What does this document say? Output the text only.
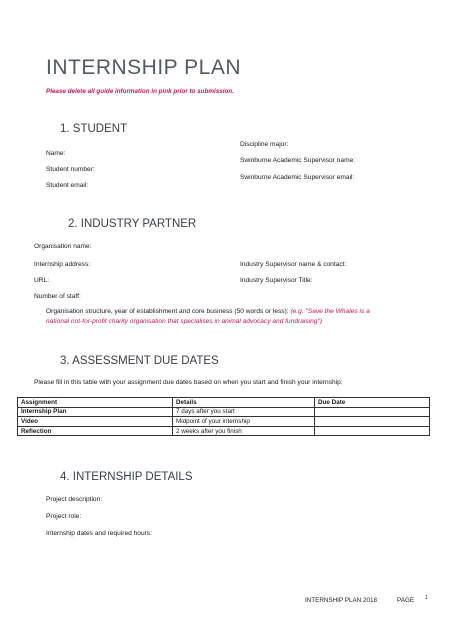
INTERNSHIP PLAN
Please delete all guide information in pink prior to submission.
1. STUDENT
Name:
Student number:
Student email:
Discipline major:
Swinburne Academic Supervisor name:
Swinburne Academic Supervisor email:
2. INDUSTRY PARTNER
Organisation name:
Internship address:
URL:
Number of staff:
Industry Supervisor name & contact:
Industry Supervisor Title:
Organisation structure, year of establishment and core business (50 words or less): (e.g. "Save the Whales is a
national not-for-profit charity organisation that specialises in animal advocacy and fundraising")
3. ASSESSMENT DUE DATES
Please fill in this table with your assignment due dates based on when you start and finish your internship:
Assignment	Details	Due Date
Internship Plan	7 days after you start	
Video	Midpoint of your internship	
Reflection	2 weeks after you finish	
4. INTERNSHIP DETAILS
Project description:
Project role:
Internship dates and required hours:
INTERNSHIP PLAN 2018	PAGE 1
